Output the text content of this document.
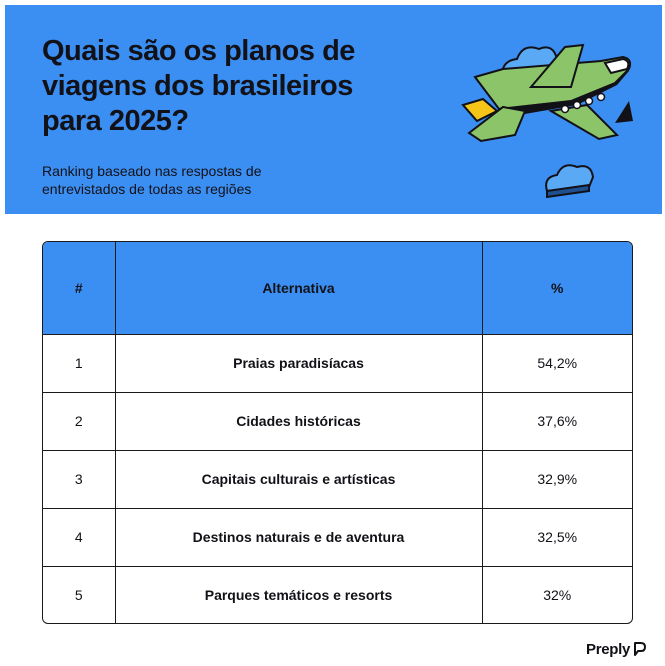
Quais são os planos de
viagens dos brasileiros
para 2025?

Ranking baseado nas respostas de
entrevistados de todas as regiões

#	Alternativa	%
1	Praias paradisíacas	54,2%
2	Cidades históricas	37,6%
3	Capitais culturais e artísticas	32,9%
4	Destinos naturais e de aventura	32,5%
5	Parques temáticos e resorts	32%
Preply
